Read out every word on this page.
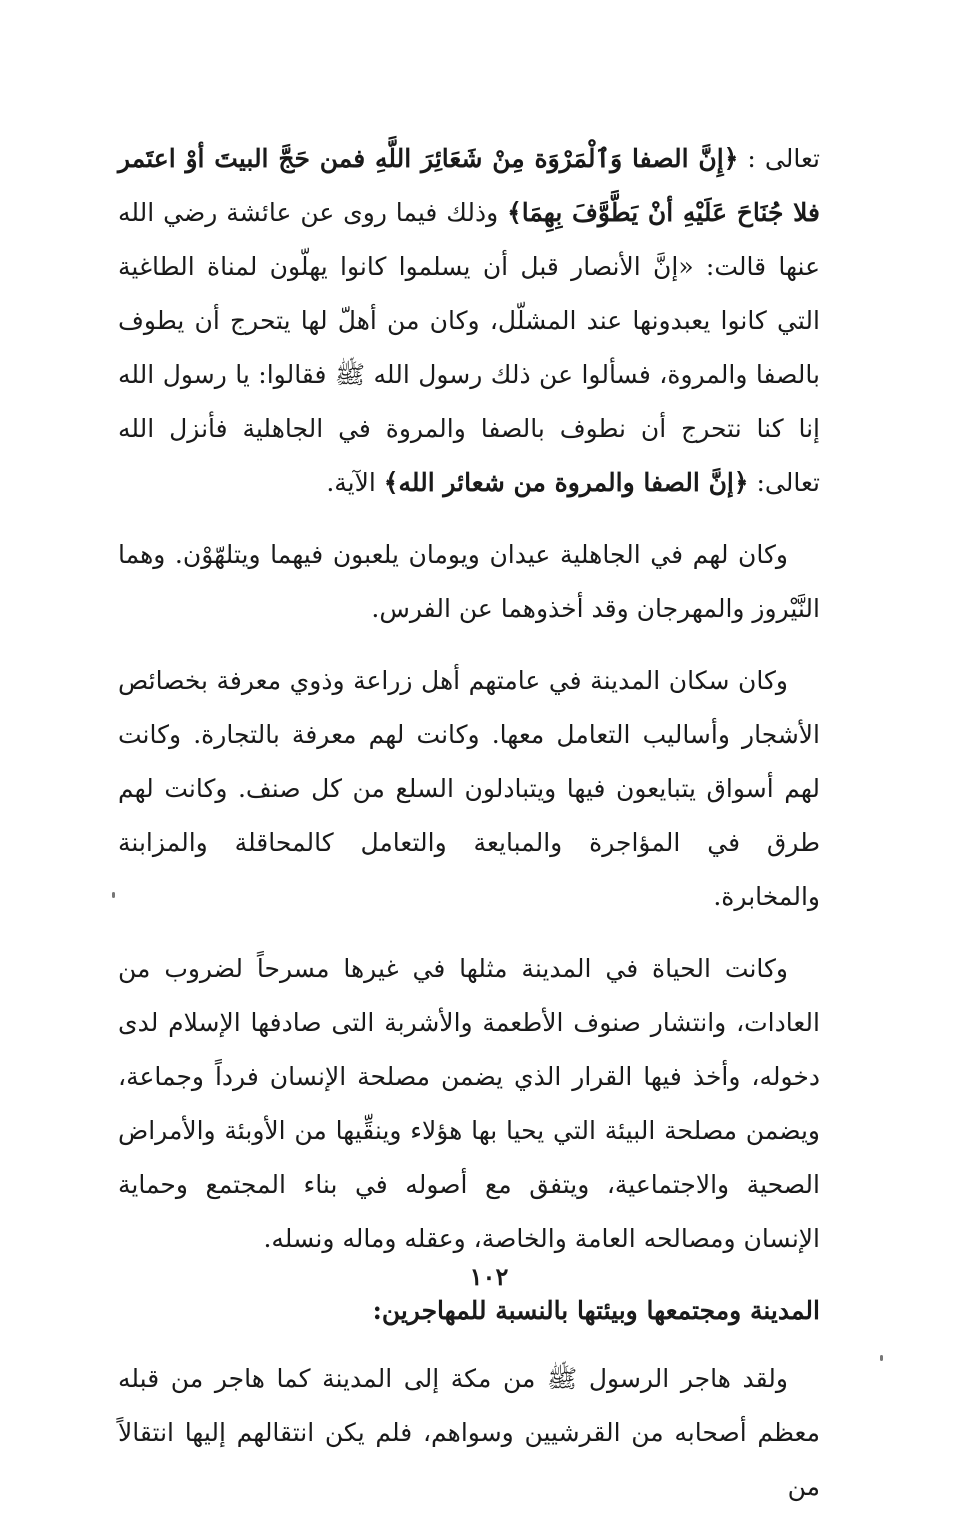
تعالى : ﴿إِنَّ الصفا وَٱلْمَرْوَة مِنْ شَعَائِرَ اللَّهِ فمن حَجَّ البيتَ أوْ اعتَمر فلا جُنَاحَ عَلَيْهِ أنْ يَطَّوَّفَ بِهِمَا﴾ وذلك فيما روى عن عائشة رضي الله عنها قالت: «إنَّ الأنصار قبل أن يسلموا كانوا يهلّون لمناة الطاغية التي كانوا يعبدونها عند المشلّل، وكان من أهلّ لها يتحرج أن يطوف بالصفا والمروة، فسألوا عن ذلك رسول الله ﷺ فقالوا: يا رسول الله إنا كنا نتحرج أن نطوف بالصفا والمروة في الجاهلية فأنزل الله تعالى: ﴿إنَّ الصفا والمروة من شعائر الله﴾ الآية.

وكان لهم في الجاهلية عيدان ويومان يلعبون فيهما ويتلهّوْن. وهما النَّيْروز والمهرجان وقد أخذوهما عن الفرس.

وكان سكان المدينة في عامتهم أهل زراعة وذوي معرفة بخصائص الأشجار وأساليب التعامل معها. وكانت لهم معرفة بالتجارة. وكانت لهم أسواق يتبايعون فيها ويتبادلون السلع من كل صنف. وكانت لهم طرق في المؤاجرة والمبايعة والتعامل كالمحاقلة والمزابنة والمخابرة.

وكانت الحياة في المدينة مثلها في غيرها مسرحاً لضروب من العادات، وانتشار صنوف الأطعمة والأشربة التى صادفها الإسلام لدى دخوله، وأخذ فيها القرار الذي يضمن مصلحة الإنسان فرداً وجماعة، ويضمن مصلحة البيئة التي يحيا بها هؤلاء وينقِّيها من الأوبئة والأمراض الصحية والاجتماعية، ويتفق مع أصوله في بناء المجتمع وحماية الإنسان ومصالحه العامة والخاصة، وعقله وماله ونسله.

المدينة ومجتمعها وبيئتها بالنسبة للمهاجرين:

ولقد هاجر الرسول ﷺ من مكة إلى المدينة كما هاجر من قبله معظم أصحابه من القرشيين وسواهم، فلم يكن انتقالهم إليها انتقالاً من

١٠٢
